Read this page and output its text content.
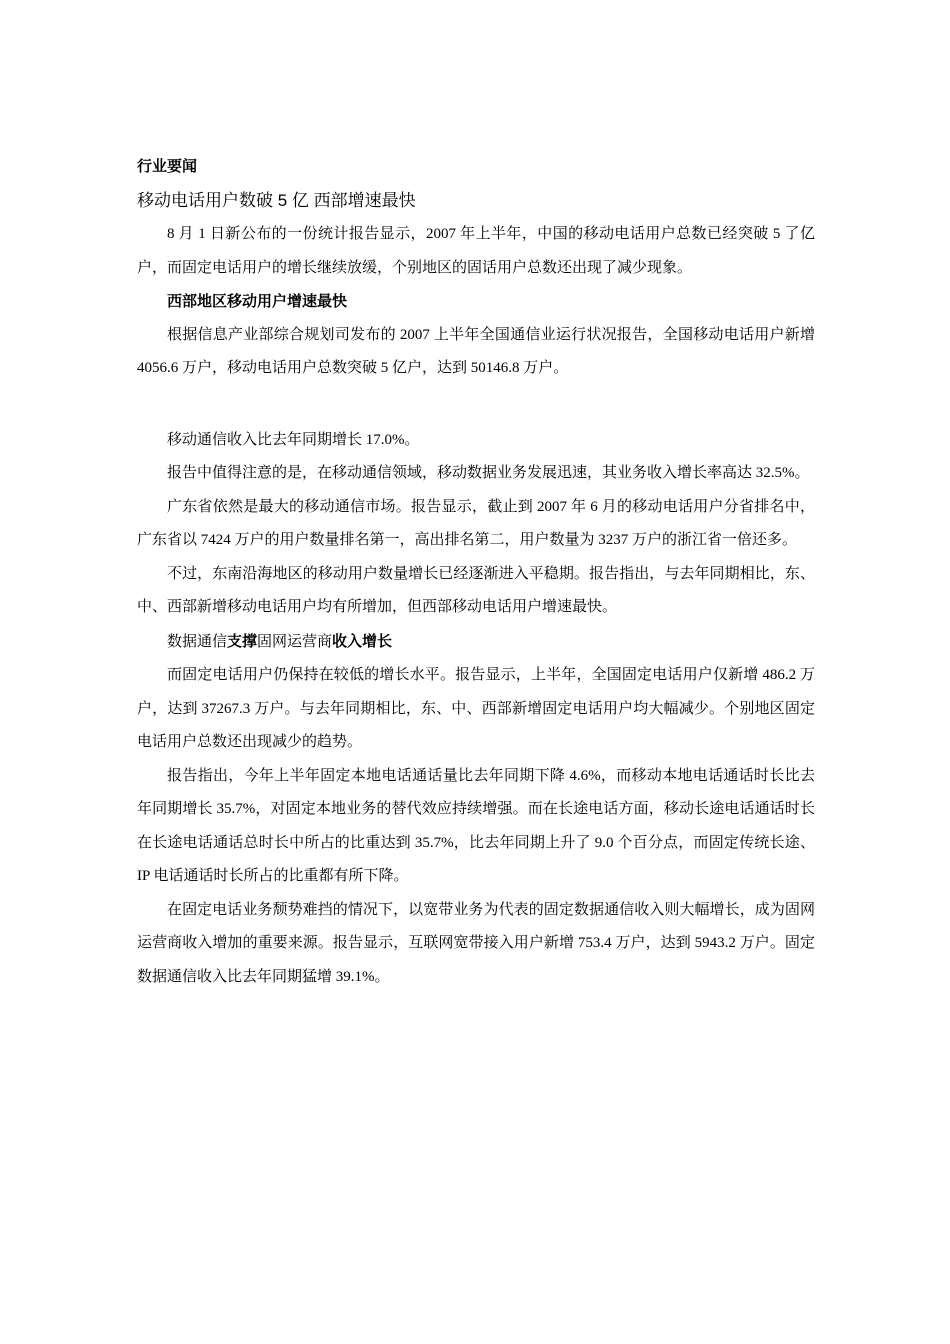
行业要闻
移动电话用户数破 5 亿 西部增速最快

8 月 1 日新公布的一份统计报告显示，2007 年上半年，中国的移动电话用户总数已经突破 5 了亿户，而固定电话用户的增长继续放缓，个别地区的固话用户总数还出现了减少现象。

西部地区移动用户增速最快

根据信息产业部综合规划司发布的 2007 上半年全国通信业运行状况报告，全国移动电话用户新增 4056.6 万户，移动电话用户总数突破 5 亿户，达到 50146.8 万户。

移动通信收入比去年同期增长 17.0%。

报告中值得注意的是，在移动通信领域，移动数据业务发展迅速，其业务收入增长率高达 32.5%。

广东省依然是最大的移动通信市场。报告显示，截止到 2007 年 6 月的移动电话用户分省排名中，广东省以 7424 万户的用户数量排名第一，高出排名第二，用户数量为 3237 万户的浙江省一倍还多。

不过，东南沿海地区的移动用户数量增长已经逐渐进入平稳期。报告指出，与去年同期相比，东、中、西部新增移动电话用户均有所增加，但西部移动电话用户增速最快。

数据通信支撑固网运营商收入增长

而固定电话用户仍保持在较低的增长水平。报告显示，上半年，全国固定电话用户仅新增 486.2 万户，达到 37267.3 万户。与去年同期相比，东、中、西部新增固定电话用户均大幅减少。个别地区固定电话用户总数还出现减少的趋势。

报告指出，今年上半年固定本地电话通话量比去年同期下降 4.6%，而移动本地电话通话时长比去年同期增长 35.7%，对固定本地业务的替代效应持续增强。而在长途电话方面，移动长途电话通话时长在长途电话通话总时长中所占的比重达到 35.7%，比去年同期上升了 9.0 个百分点，而固定传统长途、IP 电话通话时长所占的比重都有所下降。

在固定电话业务颓势难挡的情况下，以宽带业务为代表的固定数据通信收入则大幅增长，成为固网运营商收入增加的重要来源。报告显示，互联网宽带接入用户新增 753.4 万户，达到 5943.2 万户。固定数据通信收入比去年同期猛增 39.1%。
